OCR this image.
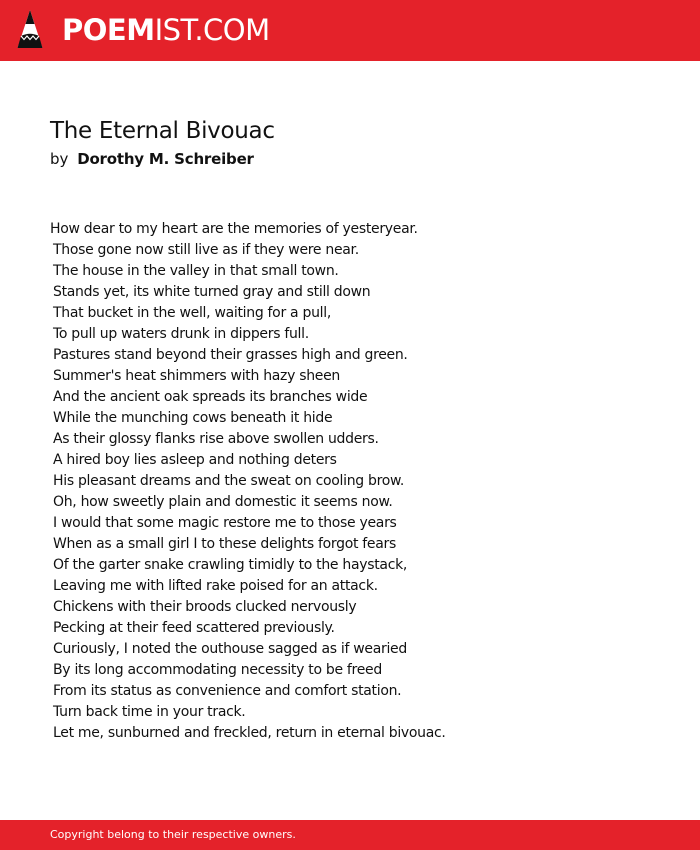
POEMIST.COM
The Eternal Bivouac
by Dorothy M. Schreiber
How dear to my heart are the memories of yesteryear.
Those gone now still live as if they were near.
The house in the valley in that small town.
Stands yet, its white turned gray and still down
That bucket in the well, waiting for a pull,
To pull up waters drunk in dippers full.
Pastures stand beyond their grasses high and green.
Summer's heat shimmers with hazy sheen
And the ancient oak spreads its branches wide
While the munching cows beneath it hide
As their glossy flanks rise above swollen udders.
A hired boy lies asleep and nothing deters
His pleasant dreams and the sweat on cooling brow.
Oh, how sweetly plain and domestic it seems now.
I would that some magic restore me to those years
When as a small girl I to these delights forgot fears
Of the garter snake crawling timidly to the haystack,
Leaving me with lifted rake poised for an attack.
Chickens with their broods clucked nervously
Pecking at their feed scattered previously.
Curiously, I noted the outhouse sagged as if wearied
By its long accommodating necessity to be freed
From its status as convenience and comfort station.
Turn back time in your track.
Let me, sunburned and freckled, return in eternal bivouac.
Copyright belong to their respective owners.
